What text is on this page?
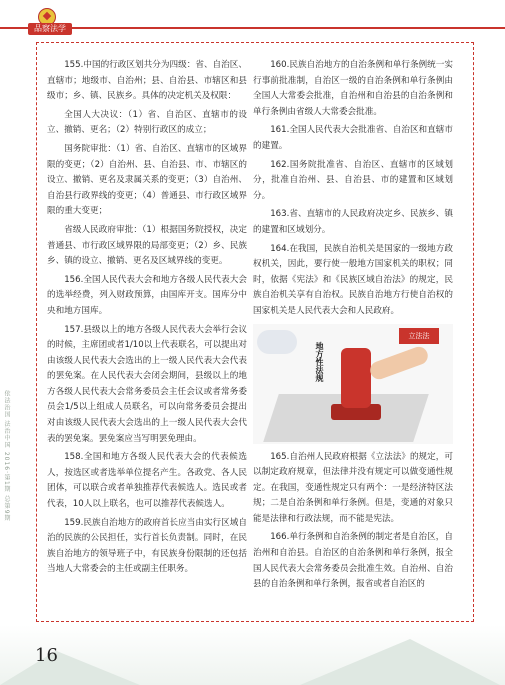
品察法学
依法治国 法治中国 2016·第1期 总第9期

155.中国的行政区划共分为四级：省、自治区、直辖市；地级市、自治州；县、自治县、市辖区和县级市；乡、镇、民族乡。具体的决定机关及权限：

全国人大决议：（1）省、自治区、直辖市的设立、撤销、更名；（2）特别行政区的成立；

国务院审批：（1）省、自治区、直辖市的区域界限的变更；（2）自治州、县、自治县、市、市辖区的设立、撤销、更名及隶属关系的变更；（3）自治州、自治县行政界线的变更；（4）普通县、市行政区域界限的重大变更；

省级人民政府审批：（1）根据国务院授权，决定普通县、市行政区域界限的局部变更；（2）乡、民族乡、镇的设立、撤销、更名及区域界线的变更。

156.全国人民代表大会和地方各级人民代表大会的选举经费，列入财政预算，由国库开支。国库分中央和地方国库。

157.县级以上的地方各级人民代表大会举行会议的时候，主席团或者1/10以上代表联名，可以提出对由该级人民代表大会选出的上一级人民代表大会代表的罢免案。在人民代表大会闭会期间，县级以上的地方各级人民代表大会常务委员会主任会议或者常务委员会1/5以上组成人员联名，可以向常务委员会提出对由该级人民代表大会选出的上一级人民代表大会代表的罢免案。罢免案应当写明罢免理由。

158.全国和地方各级人民代表大会的代表候选人，按选区或者选举单位提名产生。各政党、各人民团体，可以联合或者单独推荐代表候选人。选民或者代表，10人以上联名，也可以推荐代表候选人。

159.民族自治地方的政府首长应当由实行区域自治的民族的公民担任，实行首长负责制。同时，在民族自治地方的领导班子中，有民族身份限制的还包括当地人大常委会的主任或副主任职务。

160.民族自治地方的自治条例和单行条例统一实行事前批准制，自治区一级的自治条例和单行条例由全国人大常委会批准，自治州和自治县的自治条例和单行条例由省级人大常委会批准。

161.全国人民代表大会批准省、自治区和直辖市的建置。

162.国务院批准省、自治区、直辖市的区域划分，批准自治州、县、自治县、市的建置和区域划分。

163.省、直辖市的人民政府决定乡、民族乡、镇的建置和区域划分。

164.在我国，民族自治机关是国家的一级地方政权机关，因此，要行使一般地方国家机关的职权；同时，依据《宪法》和《民族区域自治法》的规定，民族自治机关享有自治权。民族自治地方行使自治权的国家机关是人民代表大会和人民政府。

立法法
地方性法规

165.自治州人民政府根据《立法法》的规定，可以制定政府规章，但法律并没有规定可以做变通性规定。在我国，变通性规定只有两个：一是经济特区法规；二是自治条例和单行条例。但是，变通的对象只能是法律和行政法规，而不能是宪法。

166.单行条例和自治条例的制定者是自治区，自治州和自治县。自治区的自治条例和单行条例，报全国人民代表大会常务委员会批准生效。自治州、自治县的自治条例和单行条例，报省或者自治区的

16
